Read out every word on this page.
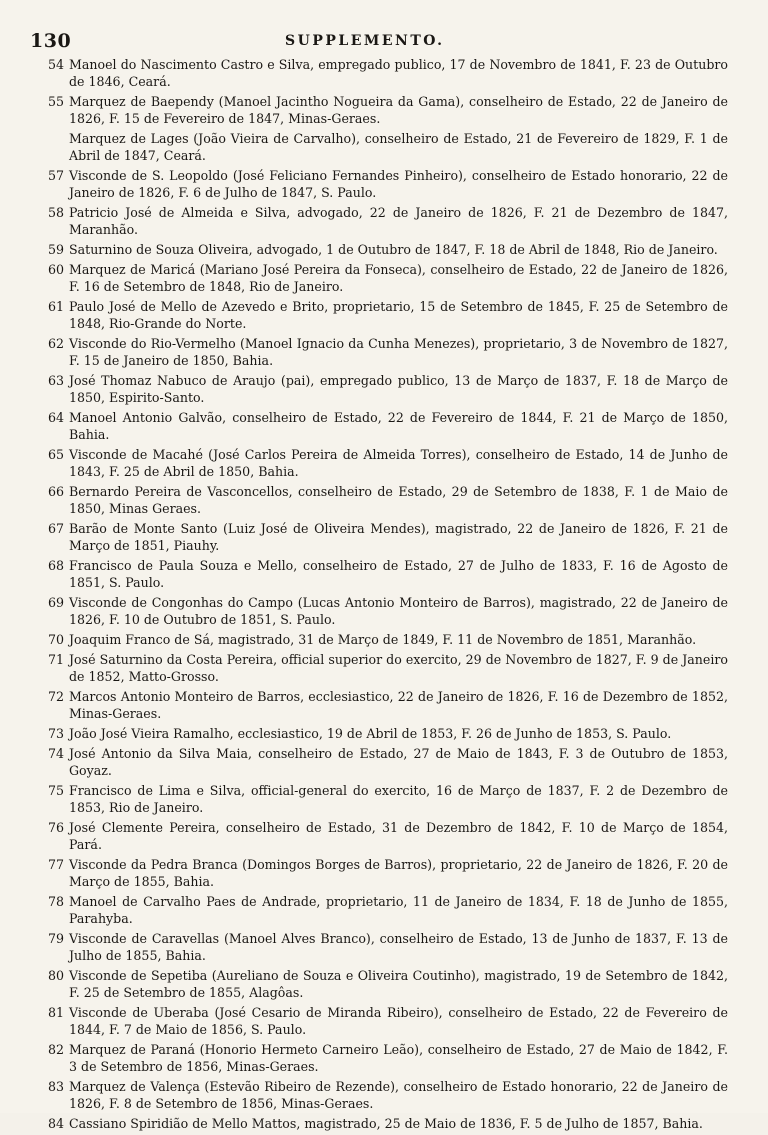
130	SUPPLEMENTO.

54 Manoel do Nascimento Castro e Silva, empregado publico, 17 de Novembro de 1841, F. 23 de Outubro de 1846, Ceará.

55 Marquez de Baependy (Manoel Jacintho Nogueira da Gama), conselheiro de Estado, 22 de Janeiro de 1826, F. 15 de Fevereiro de 1847, Minas-Geraes.

Marquez de Lages (João Vieira de Carvalho), conselheiro de Estado, 21 de Fevereiro de 1829, F. 1 de Abril de 1847, Ceará.

57 Visconde de S. Leopoldo (José Feliciano Fernandes Pinheiro), conselheiro de Estado honorario, 22 de Janeiro de 1826, F. 6 de Julho de 1847, S. Paulo.

58 Patricio José de Almeida e Silva, advogado, 22 de Janeiro de 1826, F. 21 de Dezembro de 1847, Maranhão.

59 Saturnino de Souza Oliveira, advogado, 1 de Outubro de 1847, F. 18 de Abril de 1848, Rio de Janeiro.

60 Marquez de Maricá (Mariano José Pereira da Fonseca), conselheiro de Estado, 22 de Janeiro de 1826, F. 16 de Setembro de 1848, Rio de Janeiro.

61 Paulo José de Mello de Azevedo e Brito, proprietario, 15 de Setembro de 1845, F. 25 de Setembro de 1848, Rio-Grande do Norte.

62 Visconde do Rio-Vermelho (Manoel Ignacio da Cunha Menezes), proprietario, 3 de Novembro de 1827, F. 15 de Janeiro de 1850, Bahia.

63 José Thomaz Nabuco de Araujo (pai), empregado publico, 13 de Março de 1837, F. 18 de Março de 1850, Espirito-Santo.

64 Manoel Antonio Galvão, conselheiro de Estado, 22 de Fevereiro de 1844, F. 21 de Março de 1850, Bahia.

65 Visconde de Macahé (José Carlos Pereira de Almeida Torres), conselheiro de Estado, 14 de Junho de 1843, F. 25 de Abril de 1850, Bahia.

66 Bernardo Pereira de Vasconcellos, conselheiro de Estado, 29 de Setembro de 1838, F. 1 de Maio de 1850, Minas Geraes.

67 Barão de Monte Santo (Luiz José de Oliveira Mendes), magistrado, 22 de Janeiro de 1826, F. 21 de Março de 1851, Piauhy.

68 Francisco de Paula Souza e Mello, conselheiro de Estado, 27 de Julho de 1833, F. 16 de Agosto de 1851, S. Paulo.

69 Visconde de Congonhas do Campo (Lucas Antonio Monteiro de Barros), magistrado, 22 de Janeiro de 1826, F. 10 de Outubro de 1851, S. Paulo.

70 Joaquim Franco de Sá, magistrado, 31 de Março de 1849, F. 11 de Novembro de 1851, Maranhão.

71 José Saturnino da Costa Pereira, official superior do exercito, 29 de Novembro de 1827, F. 9 de Janeiro de 1852, Matto-Grosso.

72 Marcos Antonio Monteiro de Barros, ecclesiastico, 22 de Janeiro de 1826, F. 16 de Dezembro de 1852, Minas-Geraes.

73 João José Vieira Ramalho, ecclesiastico, 19 de Abril de 1853, F. 26 de Junho de 1853, S. Paulo.

74 José Antonio da Silva Maia, conselheiro de Estado, 27 de Maio de 1843, F. 3 de Outubro de 1853, Goyaz.

75 Francisco de Lima e Silva, official-general do exercito, 16 de Março de 1837, F. 2 de Dezembro de 1853, Rio de Janeiro.

76 José Clemente Pereira, conselheiro de Estado, 31 de Dezembro de 1842, F. 10 de Março de 1854, Pará.

77 Visconde da Pedra Branca (Domingos Borges de Barros), proprietario, 22 de Janeiro de 1826, F. 20 de Março de 1855, Bahia.

78 Manoel de Carvalho Paes de Andrade, proprietario, 11 de Janeiro de 1834, F. 18 de Junho de 1855, Parahyba.

79 Visconde de Caravellas (Manoel Alves Branco), conselheiro de Estado, 13 de Junho de 1837, F. 13 de Julho de 1855, Bahia.

80 Visconde de Sepetiba (Aureliano de Souza e Oliveira Coutinho), magistrado, 19 de Setembro de 1842, F. 25 de Setembro de 1855, Alagôas.

81 Visconde de Uberaba (José Cesario de Miranda Ribeiro), conselheiro de Estado, 22 de Fevereiro de 1844, F. 7 de Maio de 1856, S. Paulo.

82 Marquez de Paraná (Honorio Hermeto Carneiro Leão), conselheiro de Estado, 27 de Maio de 1842, F. 3 de Setembro de 1856, Minas-Geraes.

83 Marquez de Valença (Estevão Ribeiro de Rezende), conselheiro de Estado honorario, 22 de Janeiro de 1826, F. 8 de Setembro de 1856, Minas-Geraes.

84 Cassiano Spiridião de Mello Mattos, magistrado, 25 de Maio de 1836, F. 5 de Julho de 1857, Bahia.
